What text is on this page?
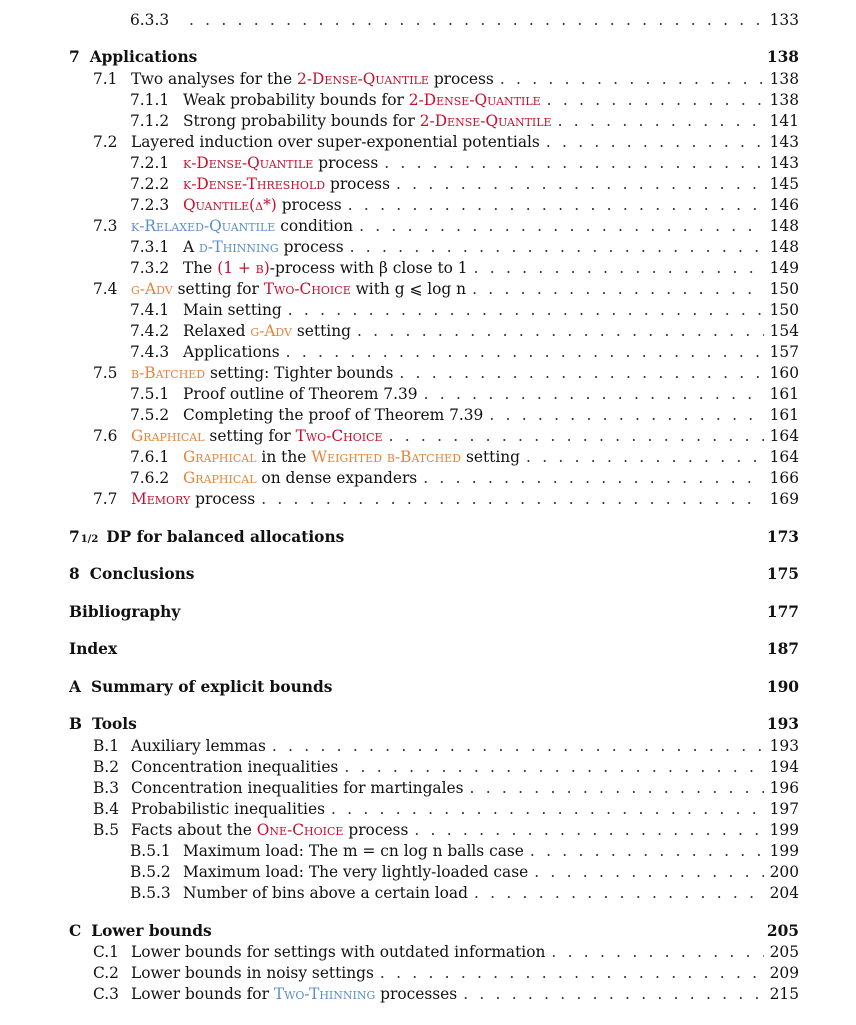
6.3.3 . . .	133
7 Applications	138
7.1 Two analyses for the 2-Dense-Quantile process . . .	138
7.1.1 Weak probability bounds for 2-Dense-Quantile . . .	138
7.1.2 Strong probability bounds for 2-Dense-Quantile . . .	141
7.2 Layered induction over super-exponential potentials . . .	143
7.2.1 k-Dense-Quantile process . . .	143
7.2.2 k-Dense-Threshold process . . .	145
7.2.3 Quantile(δ*) process . . .	146
7.3 k-Relaxed-Quantile condition . . .	148
7.3.1 A d-Thinning process . . .	148
7.3.2 The (1 + β)-process with β close to 1 . . .	149
7.4 g-Adv setting for Two-Choice with g ⩽ log n . . .	150
7.4.1 Main setting . . .	150
7.4.2 Relaxed g-Adv setting . . .	154
7.4.3 Applications . . .	157
7.5 b-Batched setting: Tighter bounds . . .	160
7.5.1 Proof outline of Theorem 7.39 . . .	161
7.5.2 Completing the proof of Theorem 7.39 . . .	161
7.6 Graphical setting for Two-Choice . . .	164
7.6.1 Graphical in the Weighted b-Batched setting . . .	164
7.6.2 Graphical on dense expanders . . .	166
7.7 Memory process . . .	169
7 1/2 DP for balanced allocations	173
8 Conclusions	175
Bibliography	177
Index	187
A Summary of explicit bounds	190
B Tools	193
B.1 Auxiliary lemmas . . .	193
B.2 Concentration inequalities . . .	194
B.3 Concentration inequalities for martingales . . .	196
B.4 Probabilistic inequalities . . .	197
B.5 Facts about the One-Choice process . . .	199
B.5.1 Maximum load: The m = cn log n balls case . . .	199
B.5.2 Maximum load: The very lightly-loaded case . . .	200
B.5.3 Number of bins above a certain load . . .	204
C Lower bounds	205
C.1 Lower bounds for settings with outdated information . . .	205
C.2 Lower bounds in noisy settings . . .	209
C.3 Lower bounds for Two-Thinning processes . . .	215
